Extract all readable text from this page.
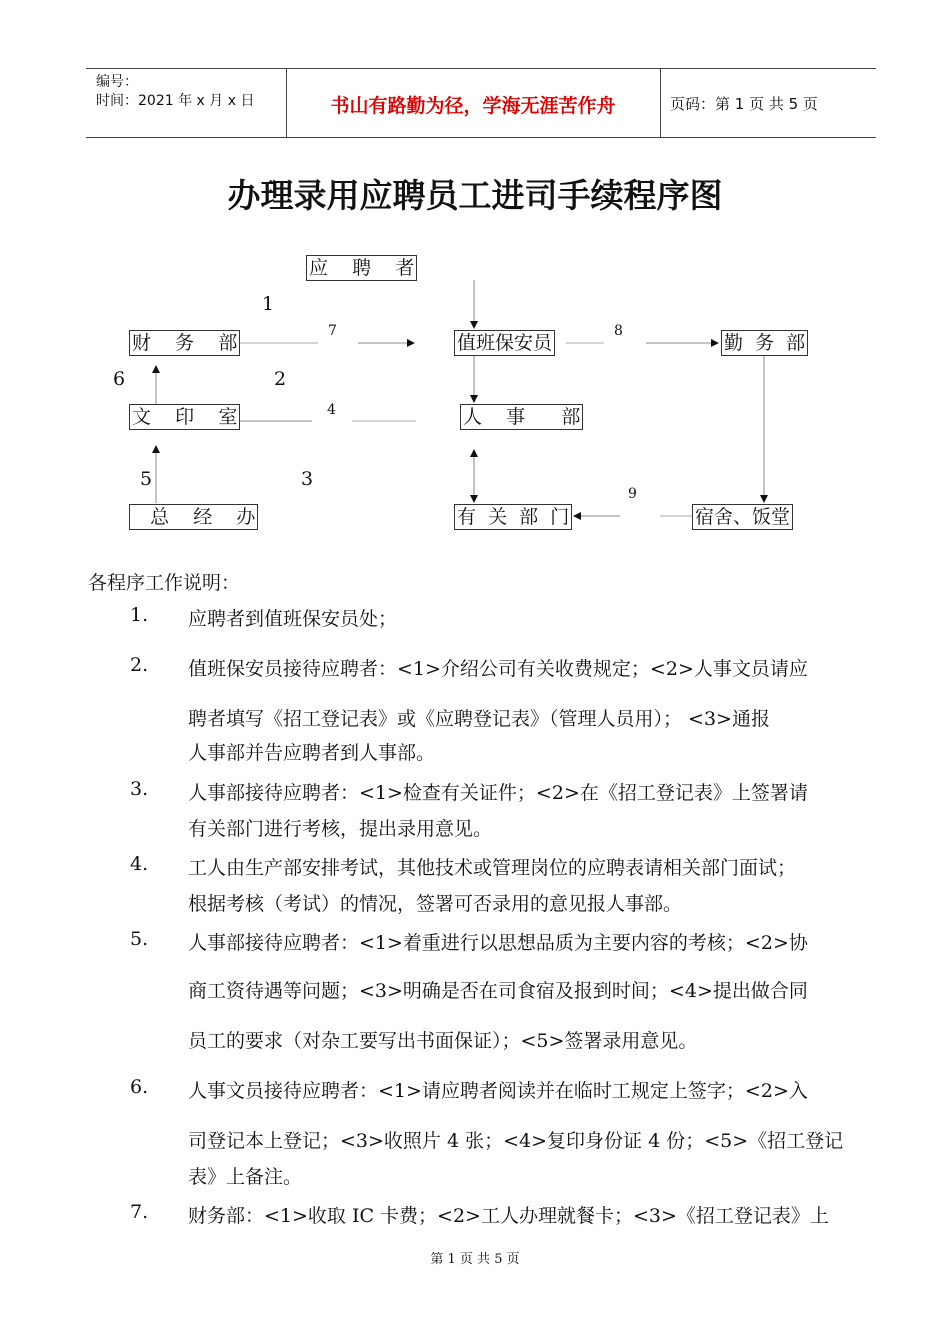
编号：
时间：2021 年 x 月 x 日	书山有路勤为径，学海无涯苦作舟	页码：第 1 页 共 5 页
办理录用应聘员工进司手续程序图
应    聘    者
财    务    部	值班保安员	勤  务  部
文    印    室	人    事      部
总    经    办	有  关  部  门	宿舍、饭堂
1
2
3
4
5
6
7	8
9
各程序工作说明：
1. 应聘者到值班保安员处；
2. 值班保安员接待应聘者：<1>介绍公司有关收费规定；<2>人事文员请应
聘者填写《招工登记表》或《应聘登记表》（管理人员用）； <3>通报
人事部并告应聘者到人事部。
3. 人事部接待应聘者：<1>检查有关证件；<2>在《招工登记表》上签署请
有关部门进行考核，提出录用意见。
4. 工人由生产部安排考试，其他技术或管理岗位的应聘表请相关部门面试；
根据考核（考试）的情况，签署可否录用的意见报人事部。
5. 人事部接待应聘者：<1>着重进行以思想品质为主要内容的考核；<2>协
商工资待遇等问题；<3>明确是否在司食宿及报到时间；<4>提出做合同
员工的要求（对杂工要写出书面保证）；<5>签署录用意见。
6. 人事文员接待应聘者：<1>请应聘者阅读并在临时工规定上签字；<2>入
司登记本上登记；<3>收照片 4 张；<4>复印身份证 4 份；<5>《招工登记
表》上备注。
7. 财务部：<1>收取 IC 卡费；<2>工人办理就餐卡；<3>《招工登记表》上
第 1 页 共 5 页
